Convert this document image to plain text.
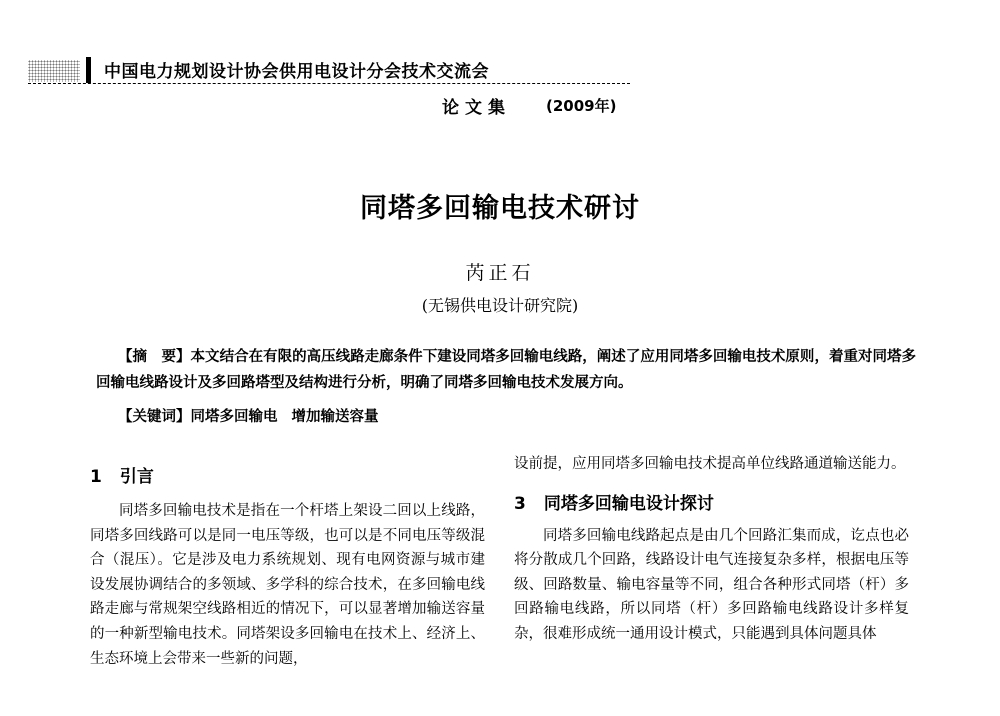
中国电力规划设计协会供用电设计分会技术交流会
论文集 (2009年)
同塔多回输电技术研讨
芮正石
(无锡供电设计研究院)
【摘　要】本文结合在有限的高压线路走廊条件下建设同塔多回输电线路，阐述了应用同塔多回输电技术原则，着重对同塔多回输电线路设计及多回路塔型及结构进行分析，明确了同塔多回输电技术发展方向。
【关键词】同塔多回输电 增加输送容量
1 引言

同塔多回输电技术是指在一个杆塔上架设二回以上线路，同塔多回线路可以是同一电压等级，也可以是不同电压等级混合（混压）。它是涉及电力系统规划、现有电网资源与城市建设发展协调结合的多领域、多学科的综合技术，在多回输电线路走廊与常规架空线路相近的情况下，可以显著增加输送容量的一种新型输电技术。同塔架设多回输电在技术上、经济上、生态环境上会带来一些新的问题，

设前提，应用同塔多回输电技术提高单位线路通道输送能力。

3 同塔多回输电设计探讨

同塔多回输电线路起点是由几个回路汇集而成，讫点也必将分散成几个回路，线路设计电气连接复杂多样，根据电压等级、回路数量、输电容量等不同，组合各种形式同塔（杆）多回路输电线路，所以同塔（杆）多回路输电线路设计多样复杂，很难形成统一通用设计模式，只能遇到具体问题具体
